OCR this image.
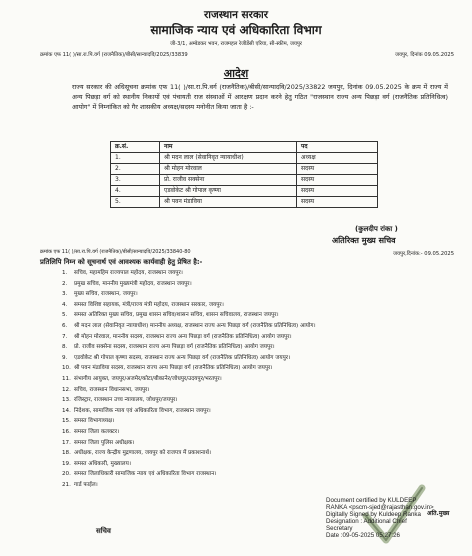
राजस्थान सरकार
सामाजिक न्याय एवं अधिकारिता विभाग
जी-3/1, अम्बेडकर भवन, राजमहल रेजीडेंसी एरिया, सी-स्कीम, जयपुर
क्रमांक एफ 11( )/सा.रा.पि.वर्ग (राजनैतिक)/बीसी/सान्यादवि/2025/33839	जयपुर, दिनांक 09.05.2025
आदेश
राज्य सरकार की अधिसूचना क्रमांक एफ 11( )/सा.रा.पि.वर्ग (राजनैतिक)/बीसी/सान्यादवि/2025/33822 जयपुर, दिनांक 09.05.2025 के क्रम में राज्य में अन्य पिछड़ा वर्ग को स्थानीय निकायों एवं पंचायती राज संस्थाओं में आरक्षण प्रदान करने हेतु गठित "राजस्थान राज्य अन्य पिछड़ा वर्ग (राजनैतिक प्रतिनिधित्व) आयोग" में निम्नांकित को गैर शासकीय अध्यक्ष/सदस्य मनोनीत किया जाता है :-
क्र.सं.	नाम	पद
1.	श्री मदन लाल (सेवानिवृत न्यायाधीश)	अध्यक्ष
2.	श्री मोहन मोरवाल	सदस्य
3.	प्रो. राजीव सक्सेना	सदस्य
4.	एडवोकेट श्री गोपाल कृष्णा	सदस्य
5.	श्री पवन मंडाविया	सदस्य
(कुलदीप रांका )
अतिरिक्त मुख्य सचिव
क्रमांक एफ 11( )/सा.रा.पि.वर्ग (राजनैतिक)/बीसी/सान्यादवि/2025/33840-80	जयपुर,दिनांक:- 09.05.2025
प्रतिलिपि निम्न को सूचनार्थ एवं आवश्यक कार्यवाही हेतु प्रेषित है:-
1.	सचिव, महामहिम राज्यपाल महोदय, राजस्थान जयपुर।
2.	प्रमुख सचिव, माननीय मुख्यमंत्री महोदय, राजस्थान जयपुर।
3.	मुख्य सचिव, राजस्थान, जयपुर।
4.	समस्त विशिष्ट सहायक, मंत्री/राज्य मंत्री महोदय, राजस्थान सरकार, जयपुर।
5.	समस्त अतिरिक्त मुख्य सचिव, प्रमुख शासन सचिव/शासन सचिव, शासन सचिवालय, राजस्थान जयपुर।
6.	श्री मदन लाल (सेवानिवृत न्यायाधीश) माननीय अध्यक्ष, राजस्थान राज्य अन्य पिछड़ा वर्ग (राजनैतिक प्रतिनिधित्व) आयोग।
7.	श्री मोहन मोरवाल, माननीय सदस्य, राजस्थान राज्य अन्य पिछड़ा वर्ग (राजनैतिक प्रतिनिधित्व) आयोग जयपुर।
8.	प्रो. राजीव सक्सेना सदस्य, राजस्थान राज्य अन्य पिछड़ा वर्ग (राजनैतिक प्रतिनिधित्व) आयोग जयपुर।
9.	एडवोकेट श्री गोपाल कृष्णा सदस्य, राजस्थान राज्य अन्य पिछड़ा वर्ग (राजनैतिक प्रतिनिधित्व) आयोग जयपुर।
10. श्री पवन मंडाविया सदस्य, राजस्थान राज्य अन्य पिछड़ा वर्ग (राजनैतिक प्रतिनिधित्व) आयोग जयपुर।
11. संभागीय आयुक्त, जयपुर/अजमेर/कोटा/बीकानेर/जोधपुर/उदयपुर/भरतपुर।
12. सचिव, राजस्थान विधानसभा, जयपुर।
13. रजिस्ट्रार, राजस्थान उच्च न्यायालय, जोधपुर/जयपुर।
14. निदेशक, सामाजिक न्याय एवं अधिकारिता विभाग, राजस्थान जयपुर।
15. समस्त विभागाध्यक्ष।
16. समस्त जिला कलक्टर।
17. समस्त जिला पुलिस अधीक्षक।
18. अधीक्षक, राज्य केन्द्रीय मुद्रणालय, जयपुर को राजपत्र में प्रकाशनार्थ।
19. समस्त अधिकारी, मुख्यालय।
20. समस्त जिलाधिकारी सामाजिक न्याय एवं अधिकारिता विभाग राजस्थान।
21. गार्ड फाईल।
अति.मुख्य
Document certified by KULDEEP
RANKA <pscm-sjed@rajasthan.gov.in>
Digitally Signed by Kuldeep Ranka
Designation : Additional Chief
Secretary
Date :09-05-2025 05:27:26
सचिव
